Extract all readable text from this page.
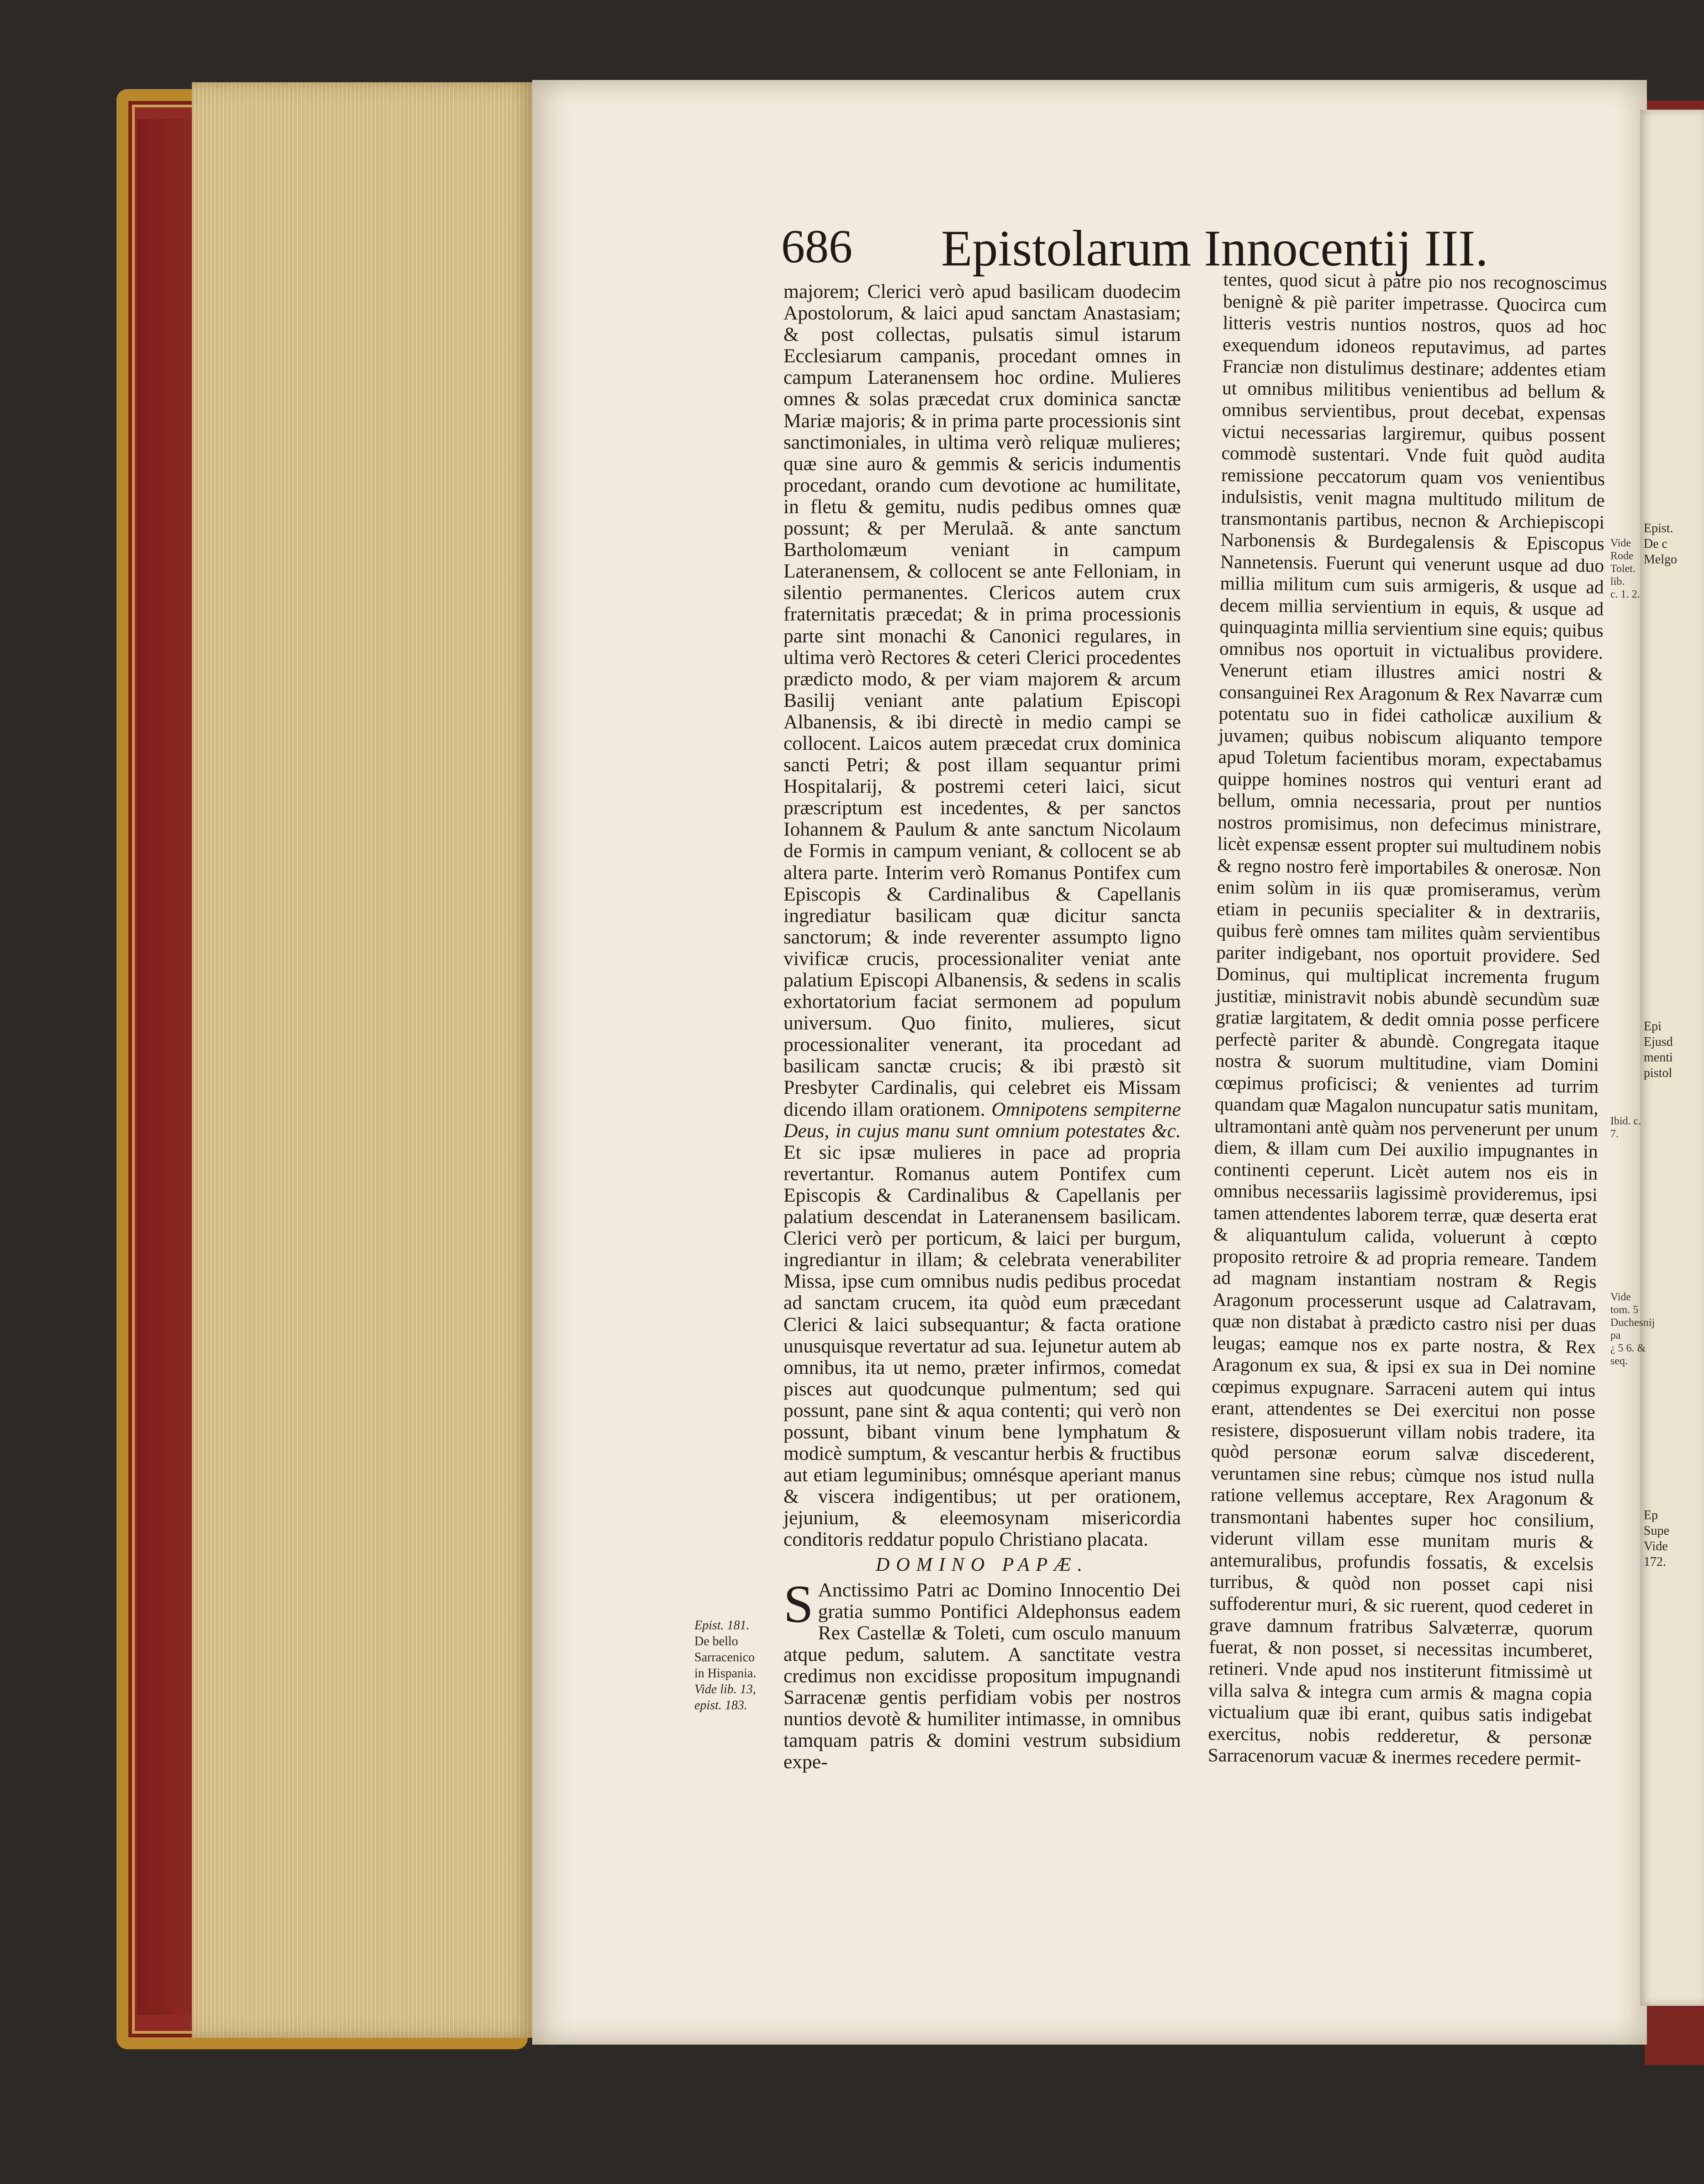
Epist.
De c
Melgo
Epi
Ejusd
menti
pistol
Ep
Supe
Vide
172.
686 Epistolarum Innocentij III.

majorem; Clerici verò apud basilicam duodecim Apostolorum, & laici apud sanctam Anastasiam; & post collectas, pulsatis simul istarum Ecclesiarum campanis, procedant omnes in campum Lateranensem hoc ordine. Mulieres omnes & solas præcedat crux dominica sanctæ Mariæ majoris; & in prima parte processionis sint sanctimoniales, in ultima verò reliquæ mulieres; quæ sine auro & gemmis & sericis indumentis procedant, orando cum devotione ac humilitate, in fletu & gemitu, nudis pedibus omnes quæ possunt; & per Merulaã. & ante sanctum Bartholomæum veniant in campum Lateranensem, & collocent se ante Felloniam, in silentio permanentes. Clericos autem crux fraternitatis præcedat; & in prima processionis parte sint monachi & Canonici regulares, in ultima verò Rectores & ceteri Clerici procedentes prædicto modo, & per viam majorem & arcum Basilij veniant ante palatium Episcopi Albanensis, & ibi directè in medio campi se collocent. Laicos autem præcedat crux dominica sancti Petri; & post illam sequantur primi Hospitalarij, & postremi ceteri laici, sicut præscriptum est incedentes, & per sanctos Iohannem & Paulum & ante sanctum Nicolaum de Formis in campum veniant, & collocent se ab altera parte. Interim verò Romanus Pontifex cum Episcopis & Cardinalibus & Capellanis ingrediatur basilicam quæ dicitur sancta sanctorum; & inde reverenter assumpto ligno vivificæ crucis, processionaliter veniat ante palatium Episcopi Albanensis, & sedens in scalis exhortatorium faciat sermonem ad populum universum. Quo finito, mulieres, sicut processionaliter venerant, ita procedant ad basilicam sanctæ crucis; & ibi præstò sit Presbyter Cardinalis, qui celebret eis Missam dicendo illam orationem. Omnipotens sempiterne Deus, in cujus manu sunt omnium potestates &c. Et sic ipsæ mulieres in pace ad propria revertantur. Romanus autem Pontifex cum Episcopis & Cardinalibus & Capellanis per palatium descendat in Lateranensem basilicam. Clerici verò per porticum, & laici per burgum, ingrediantur in illam; & celebrata venerabiliter Missa, ipse cum omnibus nudis pedibus procedat ad sanctam crucem, ita quòd eum præcedant Clerici & laici subsequantur; & facta oratione unusquisque revertatur ad sua. Iejunetur autem ab omnibus, ita ut nemo, præter infirmos, comedat pisces aut quodcunque pulmentum; sed qui possunt, pane sint & aqua contenti; qui verò non possunt, bibant vinum bene lymphatum & modicè sumptum, & vescantur herbis & fructibus aut etiam leguminibus; omnésque aperiant manus & viscera indigentibus; ut per orationem, jejunium, & eleemosynam misericordia conditoris reddatur populo Christiano placata.

DOMINO PAPÆ.

S Anctissimo Patri ac Domino Innocentio Dei gratia summo Pontifici Aldephonsus eadem Rex Castellæ & Toleti, cum osculo manuum atque pedum, salutem. A sanctitate vestra credimus non excidisse propositum impugnandi Sarracenæ gentis perfidiam vobis per nostros nuntios devotè & humiliter intimasse, in omnibus tamquam patris & domini vestrum subsidium expe-

tentes, quod sicut à patre pio nos recognoscimus benignè & piè pariter impetrasse. Quocirca cum litteris vestris nuntios nostros, quos ad hoc exequendum idoneos reputavimus, ad partes Franciæ non distulimus destinare; addentes etiam ut omnibus militibus venientibus ad bellum & omnibus servientibus, prout decebat, expensas victui necessarias largiremur, quibus possent commodè sustentari. Vnde fuit quòd audita remissione peccatorum quam vos venientibus indulsistis, venit magna multitudo militum de transmontanis partibus, necnon & Archiepiscopi Narbonensis & Burdegalensis & Episcopus Nannetensis. Fuerunt qui venerunt usque ad duo millia militum cum suis armigeris, & usque ad decem millia servientium in equis, & usque ad quinquaginta millia servientium sine equis; quibus omnibus nos oportuit in victualibus providere. Venerunt etiam illustres amici nostri & consanguinei Rex Aragonum & Rex Navarræ cum potentatu suo in fidei catholicæ auxilium & juvamen; quibus nobiscum aliquanto tempore apud Toletum facientibus moram, expectabamus quippe homines nostros qui venturi erant ad bellum, omnia necessaria, prout per nuntios nostros promisimus, non defecimus ministrare, licèt expensæ essent propter sui multudinem nobis & regno nostro ferè importabiles & onerosæ. Non enim solùm in iis quæ promiseramus, verùm etiam in pecuniis specialiter & in dextrariis, quibus ferè omnes tam milites quàm servientibus pariter indigebant, nos oportuit providere. Sed Dominus, qui multiplicat incrementa frugum justitiæ, ministravit nobis abundè secundùm suæ gratiæ largitatem, & dedit omnia posse perficere perfectè pariter & abundè. Congregata itaque nostra & suorum multitudine, viam Domini cœpimus proficisci; & venientes ad turrim quandam quæ Magalon nuncupatur satis munitam, ultramontani antè quàm nos pervenerunt per unum diem, & illam cum Dei auxilio impugnantes in continenti ceperunt. Licèt autem nos eis in omnibus necessariis lagissimè provideremus, ipsi tamen attendentes laborem terræ, quæ deserta erat & aliquantulum calida, voluerunt à cœpto proposito retroire & ad propria remeare. Tandem ad magnam instantiam nostram & Regis Aragonum processerunt usque ad Calatravam, quæ non distabat à prædicto castro nisi per duas leugas; eamque nos ex parte nostra, & Rex Aragonum ex sua, & ipsi ex sua in Dei nomine cœpimus expugnare. Sarraceni autem qui intus erant, attendentes se Dei exercitui non posse resistere, disposuerunt villam nobis tradere, ita quòd personæ eorum salvæ discederent, veruntamen sine rebus; cùmque nos istud nulla ratione vellemus acceptare, Rex Aragonum & transmontani habentes super hoc consilium, viderunt villam esse munitam muris & antemuralibus, profundis fossatis, & excelsis turribus, & quòd non posset capi nisi suffoderentur muri, & sic ruerent, quod cederet in grave damnum fratribus Salvæterræ, quorum fuerat, & non posset, si necessitas incumberet, retineri. Vnde apud nos institerunt fitmissimè ut villa salva & integra cum armis & magna copia victualium quæ ibi erant, quibus satis indigebat exercitus, nobis redderetur, & personæ Sarracenorum vacuæ & inermes recedere permit-

Epist. 181.
De bello Sarracenico in Hispania.
Vide lib. 13, epist. 183.
Vide Rode
Tolet. lib.
c. 1. 2.
Ibid. c. 7.
Vide tom. 5
Duchesnij pa
¿ 5 6. & seq.
